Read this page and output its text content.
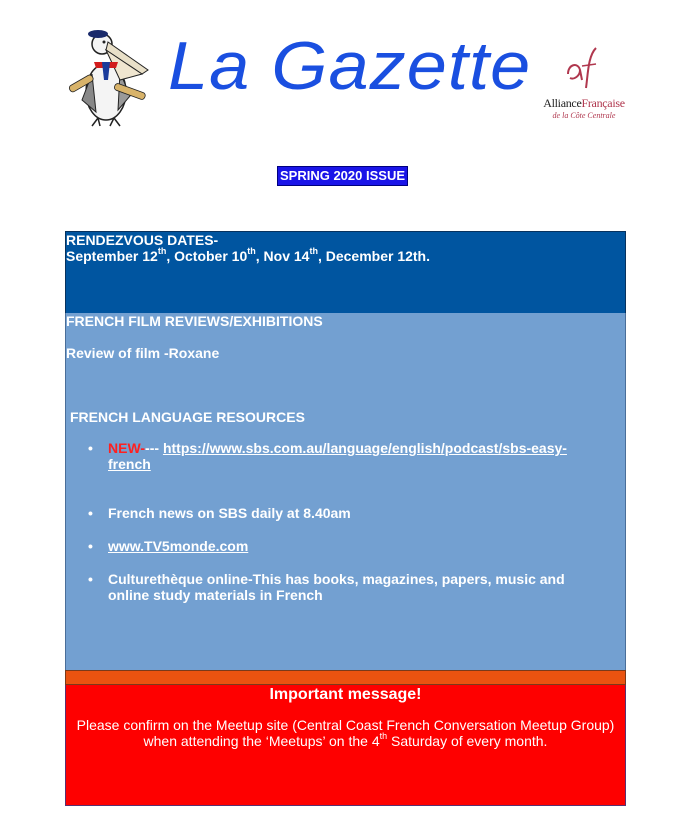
La Gazette AllianceFrançaise
de la Côte Centrale
SPRING 2020 ISSUE

RENDEZVOUS DATES-

September 12th, October 10th, Nov 14th, December 12th.

FRENCH FILM REVIEWS/EXHIBITIONS
Review of film -Roxane
FRENCH LANGUAGE RESOURCES
• NEW---- https://www.sbs.com.au/language/english/podcast/sbs-easy-french
• French news on SBS daily at 8.40am
• www.TV5monde.com
• Culturethèque online-This has books, magazines, papers, music and online study materials in French
Important message!
Please confirm on the Meetup site (Central Coast French Conversation Meetup Group)
when attending the ‘Meetups’ on the 4th Saturday of every month.
